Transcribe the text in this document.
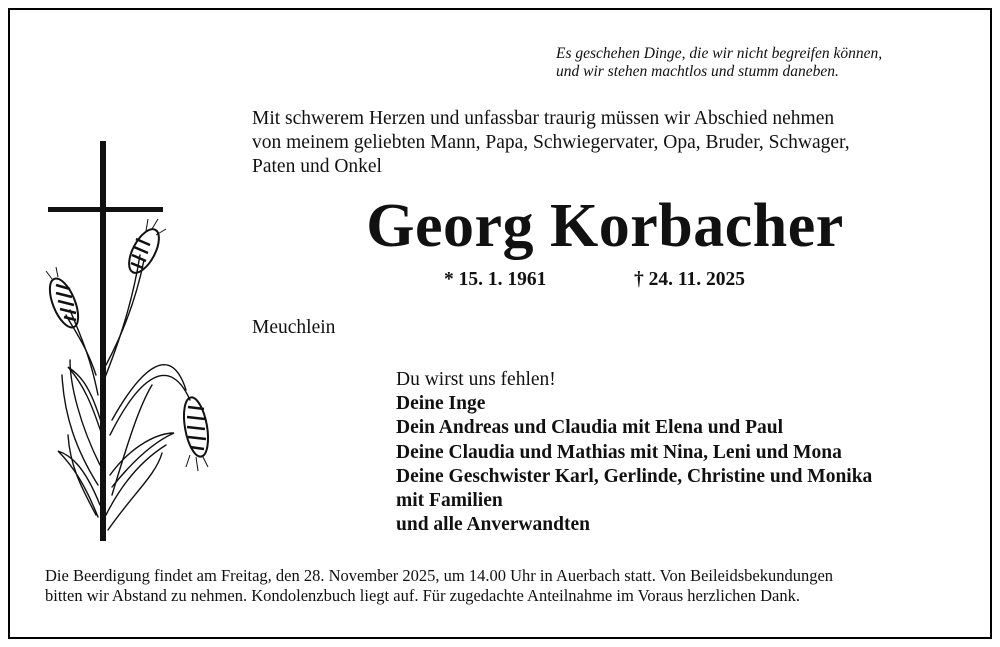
Es geschehen Dinge, die wir nicht begreifen können,
und wir stehen machtlos und stumm daneben.
Mit schwerem Herzen und unfassbar traurig müssen wir Abschied nehmen
von meinem geliebten Mann, Papa, Schwiegervater, Opa, Bruder, Schwager,
Paten und Onkel
Georg Korbacher
* 15. 1. 1961	† 24. 11. 2025
Meuchlein
Du wirst uns fehlen!
Deine Inge
Dein Andreas und Claudia mit Elena und Paul
Deine Claudia und Mathias mit Nina, Leni und Mona
Deine Geschwister Karl, Gerlinde, Christine und Monika
mit Familien
und alle Anverwandten
Die Beerdigung findet am Freitag, den 28. November 2025, um 14.00 Uhr in Auerbach statt. Von Beileidsbekundungen
bitten wir Abstand zu nehmen. Kondolenzbuch liegt auf. Für zugedachte Anteilnahme im Voraus herzlichen Dank.
